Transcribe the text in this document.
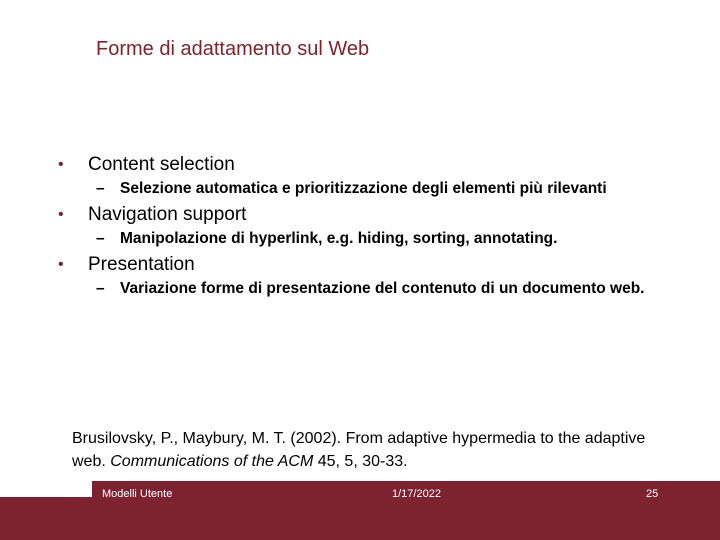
Forme di adattamento sul Web
•	Content selection
– Selezione automatica e prioritizzazione degli elementi più rilevanti
•	Navigation support
– Manipolazione di hyperlink, e.g. hiding, sorting, annotating.
•	Presentation
– Variazione forme di presentazione del contenuto di un documento web.
Brusilovsky, P., Maybury, M. T. (2002). From adaptive hypermedia to the adaptive web. Communications of the ACM 45, 5, 30-33.
Modelli Utente	1/17/2022	25
